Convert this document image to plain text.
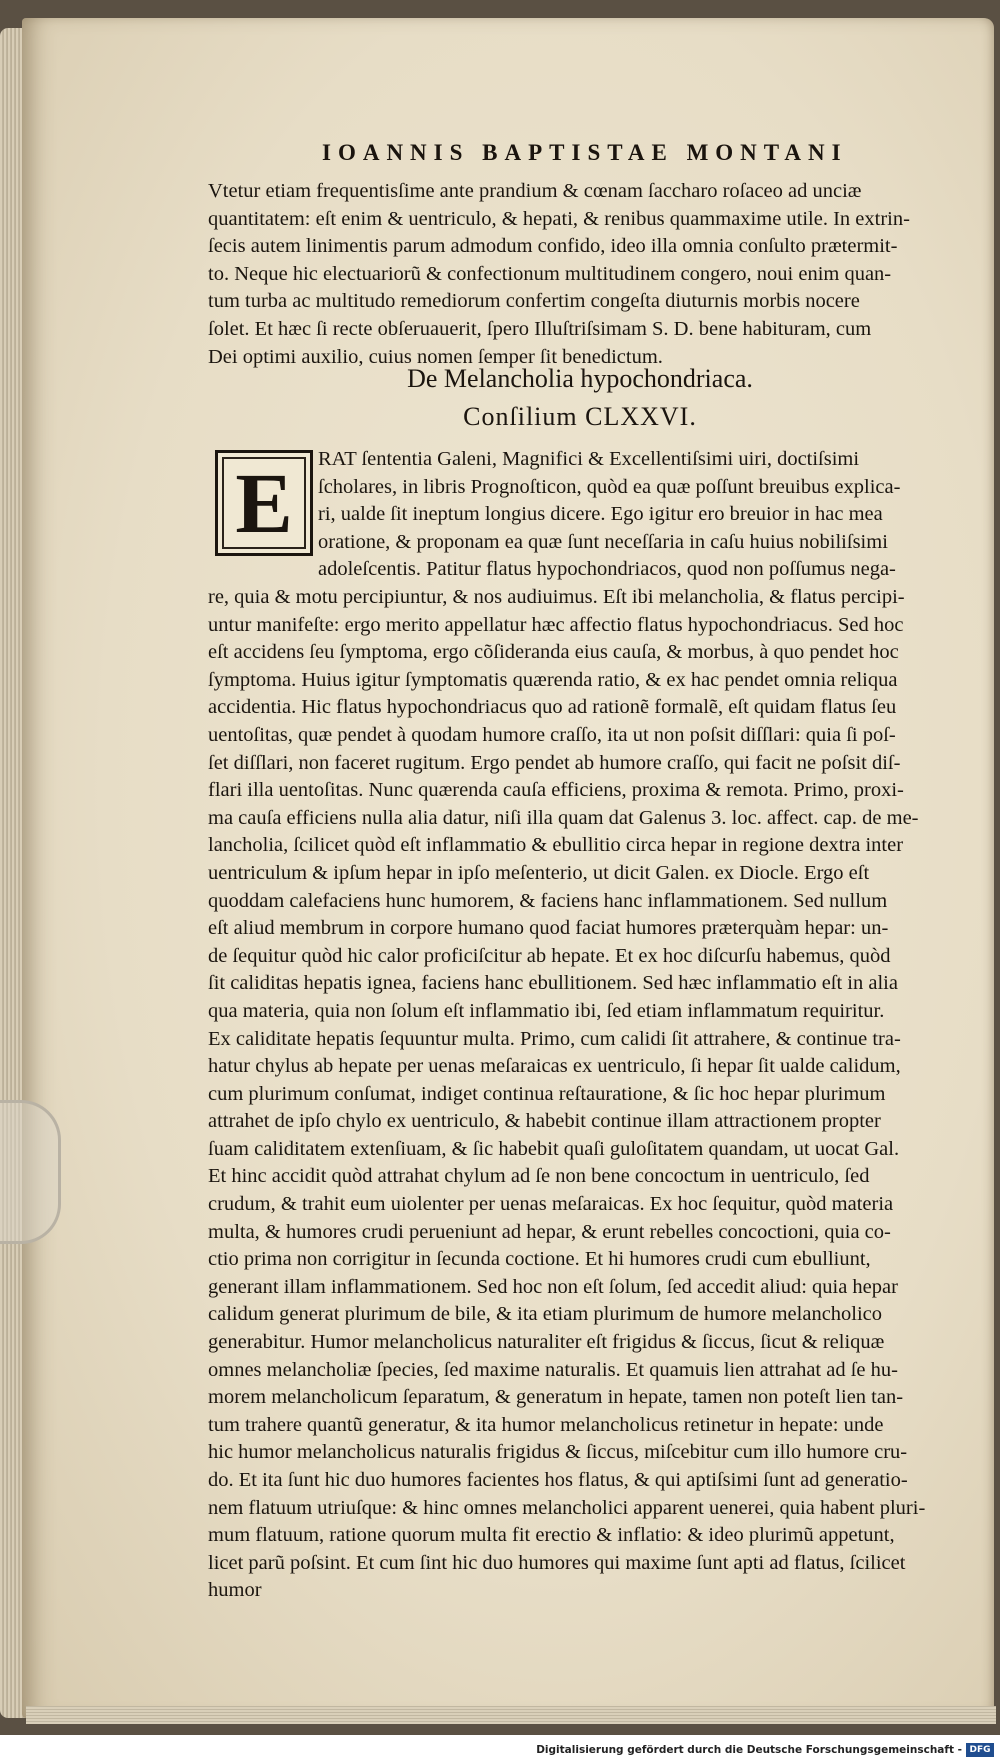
IOANNIS BAPTISTAE MONTANI
Vtetur etiam frequentisſime ante prandium & cœnam ſaccharo roſaceo ad unciæ
quantitatem: eſt enim & uentriculo, & hepati, & renibus quammaxime utile. In extrin-
ſecis autem linimentis parum admodum confido, ideo illa omnia conſulto prætermit-
to. Neque hic electuariorũ & confectionum multitudinem congero, noui enim quan-
tum turba ac multitudo remediorum confertim congeſta diuturnis morbis nocere
ſolet. Et hæc ſi recte obſeruauerit, ſpero Illuſtriſsimam S. D. bene habituram, cum
Dei optimi auxilio, cuius nomen ſemper ſit benedictum.
De Melancholia hypochondriaca.
Conſilium CLXXVI.
E RAT ſententia Galeni, Magnifici & Excellentiſsimi uiri, doctiſsimi
ſcholares, in libris Prognoſticon, quòd ea quæ poſſunt breuibus explica-
ri, ualde ſit ineptum longius dicere. Ego igitur ero breuior in hac mea
oratione, & proponam ea quæ ſunt neceſſaria in caſu huius nobiliſsimi
adoleſcentis. Patitur flatus hypochondriacos, quod non poſſumus nega-
re, quia & motu percipiuntur, & nos audiuimus. Eſt ibi melancholia, & flatus percipi-
untur manifeſte: ergo merito appellatur hæc affectio flatus hypochondriacus. Sed hoc
eſt accidens ſeu ſymptoma, ergo cõſideranda eius cauſa, & morbus, à quo pendet hoc
ſymptoma. Huius igitur ſymptomatis quærenda ratio, & ex hac pendet omnia reliqua
accidentia. Hic flatus hypochondriacus quo ad rationẽ formalẽ, eſt quidam flatus ſeu
uentoſitas, quæ pendet à quodam humore craſſo, ita ut non poſsit diſſlari: quia ſi poſ-
ſet diſſlari, non faceret rugitum. Ergo pendet ab humore craſſo, qui facit ne poſsit diſ-
flari illa uentoſitas. Nunc quærenda cauſa efficiens, proxima & remota. Primo, proxi-
ma cauſa efficiens nulla alia datur, niſi illa quam dat Galenus 3. loc. affect. cap. de me-
lancholia, ſcilicet quòd eſt inflammatio & ebullitio circa hepar in regione dextra inter
uentriculum & ipſum hepar in ipſo meſenterio, ut dicit Galen. ex Diocle. Ergo eſt
quoddam calefaciens hunc humorem, & faciens hanc inflammationem. Sed nullum
eſt aliud membrum in corpore humano quod faciat humores præterquàm hepar: un-
de ſequitur quòd hic calor proficiſcitur ab hepate. Et ex hoc diſcurſu habemus, quòd
ſit caliditas hepatis ignea, faciens hanc ebullitionem. Sed hæc inflammatio eſt in alia
qua materia, quia non ſolum eſt inflammatio ibi, ſed etiam inflammatum requiritur.
Ex caliditate hepatis ſequuntur multa. Primo, cum calidi ſit attrahere, & continue tra-
hatur chylus ab hepate per uenas meſaraicas ex uentriculo, ſi hepar ſit ualde calidum,
cum plurimum conſumat, indiget continua reſtauratione, & ſic hoc hepar plurimum
attrahet de ipſo chylo ex uentriculo, & habebit continue illam attractionem propter
ſuam caliditatem extenſiuam, & ſic habebit quaſi guloſitatem quandam, ut uocat Gal.
Et hinc accidit quòd attrahat chylum ad ſe non bene concoctum in uentriculo, ſed
crudum, & trahit eum uiolenter per uenas meſaraicas. Ex hoc ſequitur, quòd materia
multa, & humores crudi perueniunt ad hepar, & erunt rebelles concoctioni, quia co-
ctio prima non corrigitur in ſecunda coctione. Et hi humores crudi cum ebulliunt,
generant illam inflammationem. Sed hoc non eſt ſolum, ſed accedit aliud: quia hepar
calidum generat plurimum de bile, & ita etiam plurimum de humore melancholico
generabitur. Humor melancholicus naturaliter eſt frigidus & ſiccus, ſicut & reliquæ
omnes melancholiæ ſpecies, ſed maxime naturalis. Et quamuis lien attrahat ad ſe hu-
morem melancholicum ſeparatum, & generatum in hepate, tamen non poteſt lien tan-
tum trahere quantũ generatur, & ita humor melancholicus retinetur in hepate: unde
hic humor melancholicus naturalis frigidus & ſiccus, miſcebitur cum illo humore cru-
do. Et ita ſunt hic duo humores facientes hos flatus, & qui aptiſsimi ſunt ad generatio-
nem flatuum utriuſque: & hinc omnes melancholici apparent uenerei, quia habent pluri-
mum flatuum, ratione quorum multa fit erectio & inflatio: & ideo plurimũ appetunt,
licet parũ poſsint. Et cum ſint hic duo humores qui maxime ſunt apti ad flatus, ſcilicet
humor
Digitalisierung gefördert durch die Deutsche Forschungsgemeinschaft - DFG
